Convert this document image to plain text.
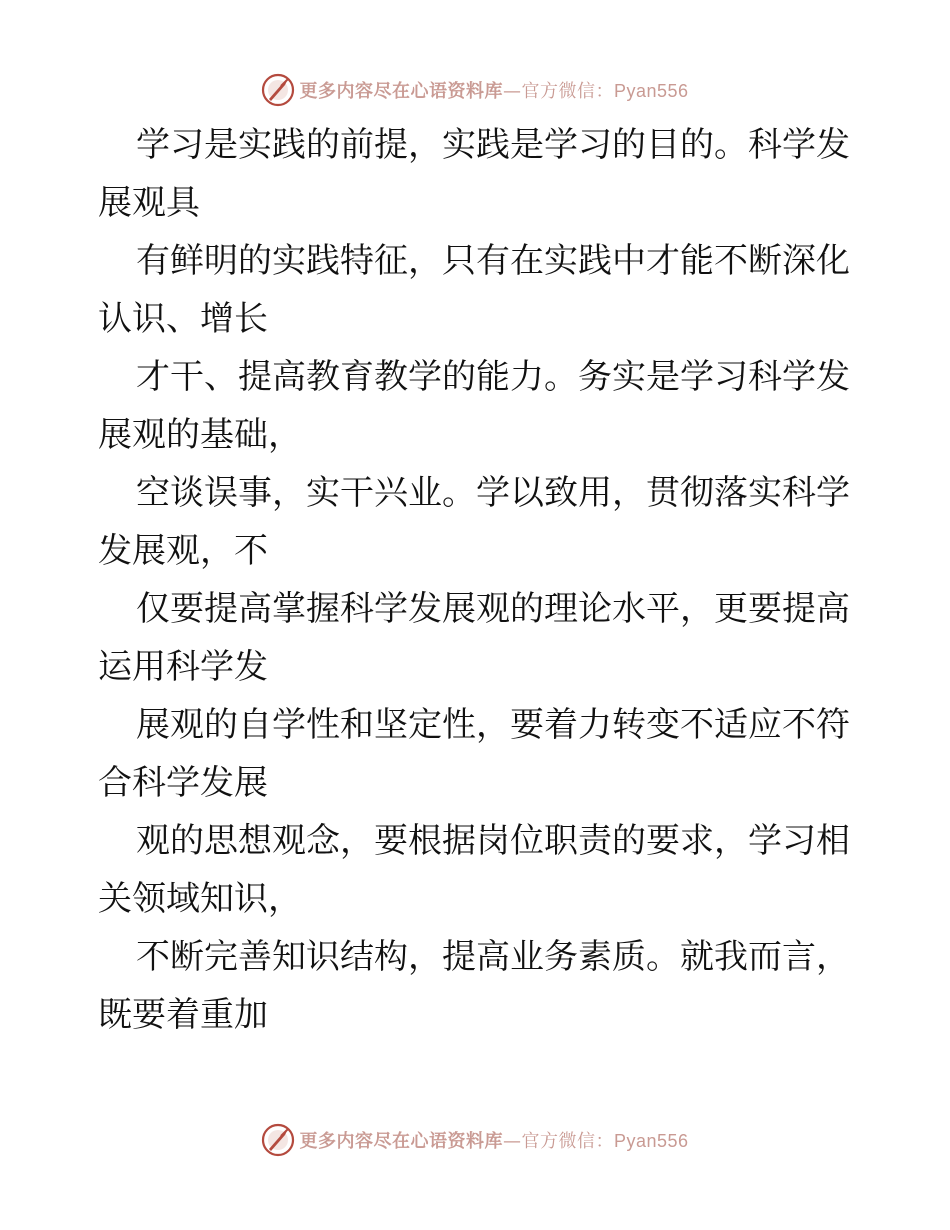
更多内容尽在心语资料库—官方微信：Pyan556

学习是实践的前提，实践是学习的目的。科学发
展观具

有鲜明的实践特征，只有在实践中才能不断深化
认识、增长

才干、提高教育教学的能力。务实是学习科学发
展观的基础，

空谈误事，实干兴业。学以致用，贯彻落实科学
发展观，不

仅要提高掌握科学发展观的理论水平，更要提高
运用科学发

展观的自学性和坚定性，要着力转变不适应不符
合科学发展

观的思想观念，要根据岗位职责的要求，学习相
关领域知识，

不断完善知识结构，提高业务素质。就我而言，
既要着重加

更多内容尽在心语资料库—官方微信：Pyan556
